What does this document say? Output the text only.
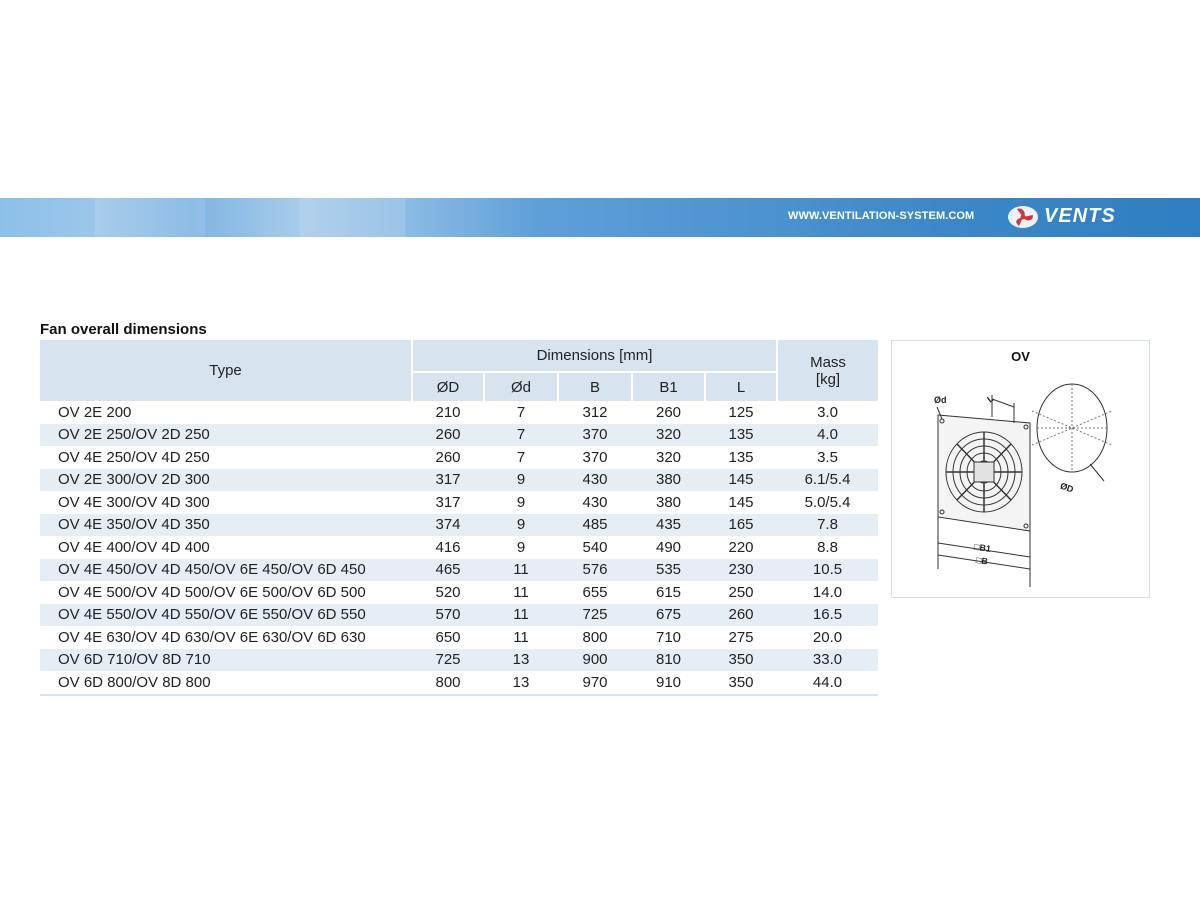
WWW.VENTILATION-SYSTEM.COM	VENTS
Fan overall dimensions
Type	Dimensions [mm]					Mass
[kg]

	ØD	Ød	B	B1	L	
OV 2E 200	210	7	312	260	125	3.0
OV 2E 250/OV 2D 250	260	7	370	320	135	4.0
OV 4E 250/OV 4D 250	260	7	370	320	135	3.5
OV 2E 300/OV 2D 300	317	9	430	380	145	6.1/5.4
OV 4E 300/OV 4D 300	317	9	430	380	145	5.0/5.4
OV 4E 350/OV 4D 350	374	9	485	435	165	7.8
OV 4E 400/OV 4D 400	416	9	540	490	220	8.8
OV 4E 450/OV 4D 450/OV 6E 450/OV 6D 450	465	11	576	535	230	10.5
OV 4E 500/OV 4D 500/OV 6E 500/OV 6D 500	520	11	655	615	250	14.0
OV 4E 550/OV 4D 550/OV 6E 550/OV 6D 550	570	11	725	675	260	16.5
OV 4E 630/OV 4D 630/OV 6E 630/OV 6D 630	650	11	800	710	275	20.0
OV 6D 710/OV 8D 710	725	13	900	810	350	33.0
OV 6D 800/OV 8D 800	800	13	970	910	350	44.0
OV
Ød	L
ØD
□B1
□B
